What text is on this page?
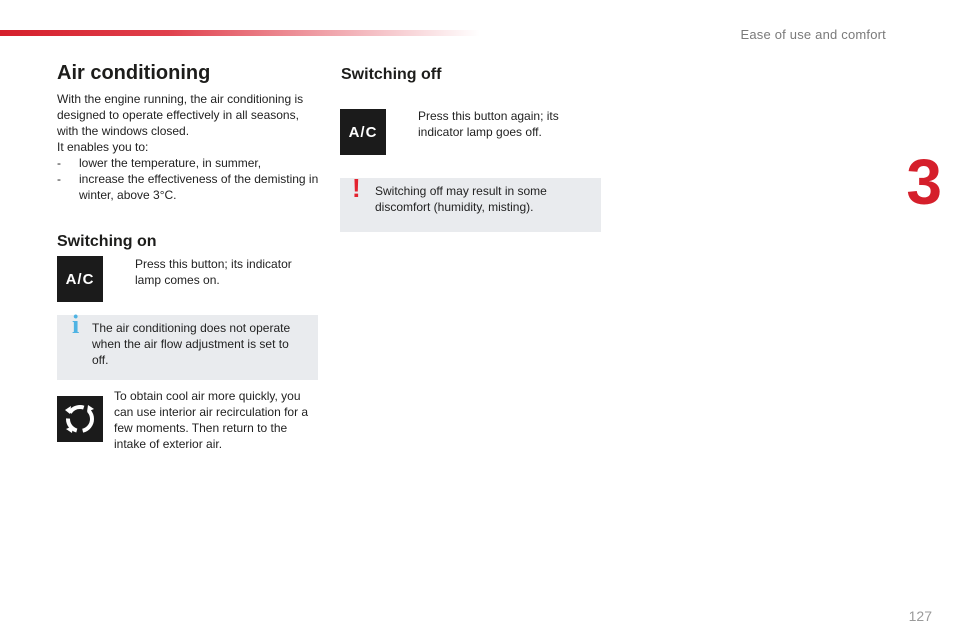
Ease of use and comfort
3
Air conditioning

With the engine running, the air conditioning is designed to operate effectively in all seasons, with the windows closed.

It enables you to:

-	lower the temperature, in summer,
-	increase the effectiveness of the demisting in winter, above 3°C.
Switching on
A/C
Press this button; its indicator lamp comes on.
i The air conditioning does not operate when the air flow adjustment is set to off.
To obtain cool air more quickly, you can use interior air recirculation for a few moments. Then return to the intake of exterior air.
Switching off
A/C
Press this button again; its indicator lamp goes off.
! Switching off may result in some discomfort (humidity, misting).
127
